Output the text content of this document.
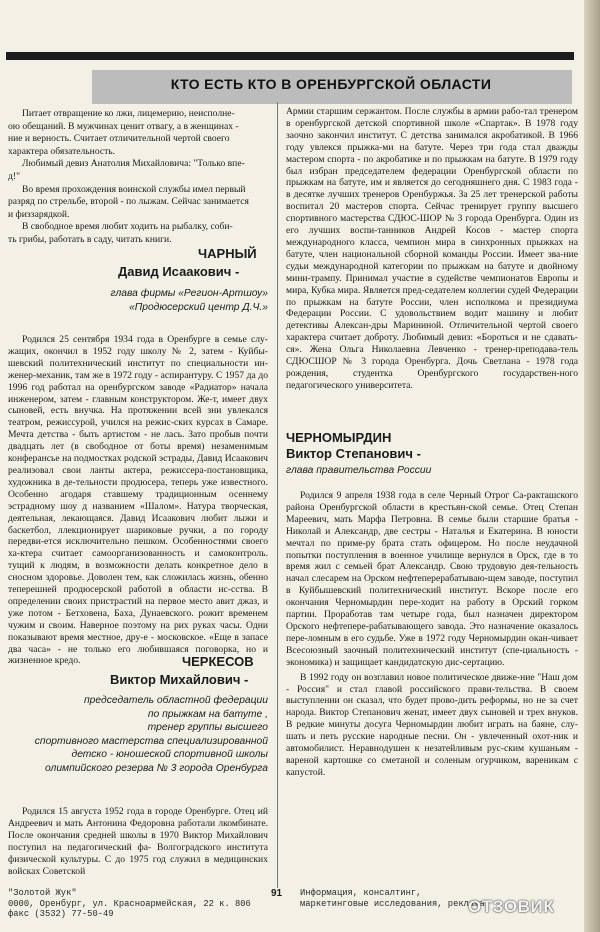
КТО ЕСТЬ КТО В ОРЕНБУРГСКОЙ ОБЛАСТИ
Питает отвращение ко лжи, лицемерию, неисполне-
ою обещаний. В мужчинах ценит отвагу, а в женщинах -
ние и верность. Считает отличительной чертой своего
характера обязательность.
Любимый девиз Анатолия Михайловича: "Только впе-
д!"
Во время прохождения воинской службы имел первый
разряд по стрельбе, второй - по лыжам. Сейчас занимается
и физзарядкой.
В свободное время любит ходить на рыбалку, соби-
ть грибы, работать в саду, читать книги.
ЧАРНЫЙ
Давид Исаакович -
глава фирмы «Регион-Артшоу»
«Продюсерский центр Д.Ч.»

Родился 25 сентября 1934 года в Оренбурге в семье слу-жащих, окончил в 1952 году школу № 2, затем - Куйбы-шевский политехнический институт по специальности ин-женер-механик, там же в 1972 году - аспирантуру. С 1957 да до 1996 год работал на оренбургском заводе «Радиатор» начала инженером, затем - главным конструктором. Же-т, имеет двух сыновей, есть внучка. На протяжении всей зни увлекался театром, режиссурой, учился на режис-ских курсах в Самаре. Мечта детства - быть артистом - не лась. Зато пробыв почти двадцать лет (в свободное от боты время) незаменимым конферансье на подмостках родской эстрады, Давид Исаакович реализовал свои ланты актера, режиссера-постановщика, художника в де-тельности продюсера, теперь уже известного. Особенно агодаря ставшему традиционным осеннему эстрадному шоу д названием «Шалом». Натура творческая, деятельная, лекающаяся. Давид Исаакович любит лыжи и баскетбол, ллекционирует шариковые ручки, а по городу передви-ется исключительно пешком. Особенностями своего ха-ктера считает самоорганизованность и самоконтроль. тущий к людям, в возможности делать конкретное дело в сносном здоровье. Доволен тем, как сложилась жизнь, обенно теперешней продюсерской работой в области ис-сства. В определении своих пристрастий на первое место авит джаз, и уже потом - Бетховена, Баха, Дунаевского. рожит временем чужим и своим. Наверное поэтому на рих руках часы. Одни показывают время местное, дру-е - московское. «Еще в запасе два часа» - не только его любившаяся поговорка, но и жизненное кредо.	ЧЕРКЕСОВ
Виктор Михайлович -
председатель областной федерации
по прыжкам на батуте ,
тренер группы высшего
спортивного мастерства специализированной
детско - юношеской спортивной школы
олимпийского резерва № 3 города Оренбурга

Родился 15 августа 1952 года в городе Оренбурге. Отец ий Андреевич и мать Антонина Федоровна работали лкомбинате. После окончания средней школы в 1970 Виктор Михайлович поступил на педагогический фа- Волгоградского института физической культуры. С до 1975 год служил в медицинских войсках Советской

Армии старшим сержантом. После службы в армии рабо-тал тренером в оренбургской детской спортивной школе «Спартак». В 1978 году заочно закончил институт. С детства занимался акробатикой. В 1966 году увлекся прыжка-ми на батуте. Через три года стал дважды мастером спорта - по акробатике и по прыжкам на батуте. В 1979 году был избран председателем федерации Оренбургской области по прыжкам на батуте, им и является до сегодняшнего дня. С 1983 года - в десятке лучших тренеров Оренбуржья. За 25 лет тренерской работы воспитал 20 мастеров спорта. Сейчас тренирует группу высшего спортивного мастерства СДЮС-ШОР № 3 города Оренбурга. Один из его лучших воспи-танников Андрей Косов - мастер спорта международного класса, чемпион мира в синхронных прыжках на батуте, член национальной сборной команды России. Имеет зва-ние судьи международной категории по прыжкам на батуте и двойному мини-трампу. Принимал участие в судействе чемпионатов Европы и мира, Кубка мира. Является пред-седателем коллегии судей Федерации по прыжкам на батуте России, член исполкома и президиума Федерации России. С удовольствием водит машину и любит детективы Алексан-дры Марининой. Отличительной чертой своего характера считает доброту. Любимый девиз: «Бороться и не сдавать-ся». Жена Ольга Николаевна Левченко - тренер-преподава-тель СДЮСШОР № 3 города Оренбурга. Дочь Светлана - 1978 года рождения, студентка Оренбургского государствен-ного педагогического университета.

ЧЕРНОМЫРДИН
Виктор Степанович -
глава правительства России

Родился 9 апреля 1938 года в селе Черный Отрог Са-ракташского района Оренбургской области в крестьян-ской семье. Отец Степан Мареевич, мать Марфа Петровна. В семье были старшие братья - Николай и Александр, две сестры - Наталья и Екатерина. В юности мечтал по приме-ру брата стать офицером. Но после неудачной попытки поступления в военное училище вернулся в Орск, где в то время жил с семьей брат Александр. Свою трудовую дея-тельность начал слесарем на Орском нефтеперерабатываю-щем заводе, поступил в Куйбышевский политехнический институт. Вскоре после его окончания Черномырдин пере-ходит на работу в Орский горком партии. Проработав там четыре года, был назначен директором Орского нефтепере-рабатывающего завода. Это назначение оказалось пере-ломным в его судьбе. Уже в 1972 году Черномырдин окан-чивает Всесоюзный заочный политехнический институт (спе-циальность - экономика) и защищает кандидатскую дис-сертацию.

В 1992 году он возглавил новое политическое движе-ние "Наш дом - Россия" и стал главой российского прави-тельства. В своем выступлении он сказал, что будет прово-дить реформы, но не за счет народа. Виктор Степанович женат, имеет двух сыновей и трех внуков. В редкие минуты досуга Черномырдин любит играть на баяне, слу-шать и петь русские народные песни. Он - увлеченный охот-ник и автомобилист. Неравнодушен к незатейливым рус-ским кушаньям - вареной картошке со сметаной и соленым огурчиком, вареникам с капустой.

"Золотой Жук"
0000, Оренбург, ул. Красноармейская, 22 к. 806
факс (3532) 77-50-49
91 Информация, консалтинг,
маркетинговые исследования, реклама
ОТЗОВИК
